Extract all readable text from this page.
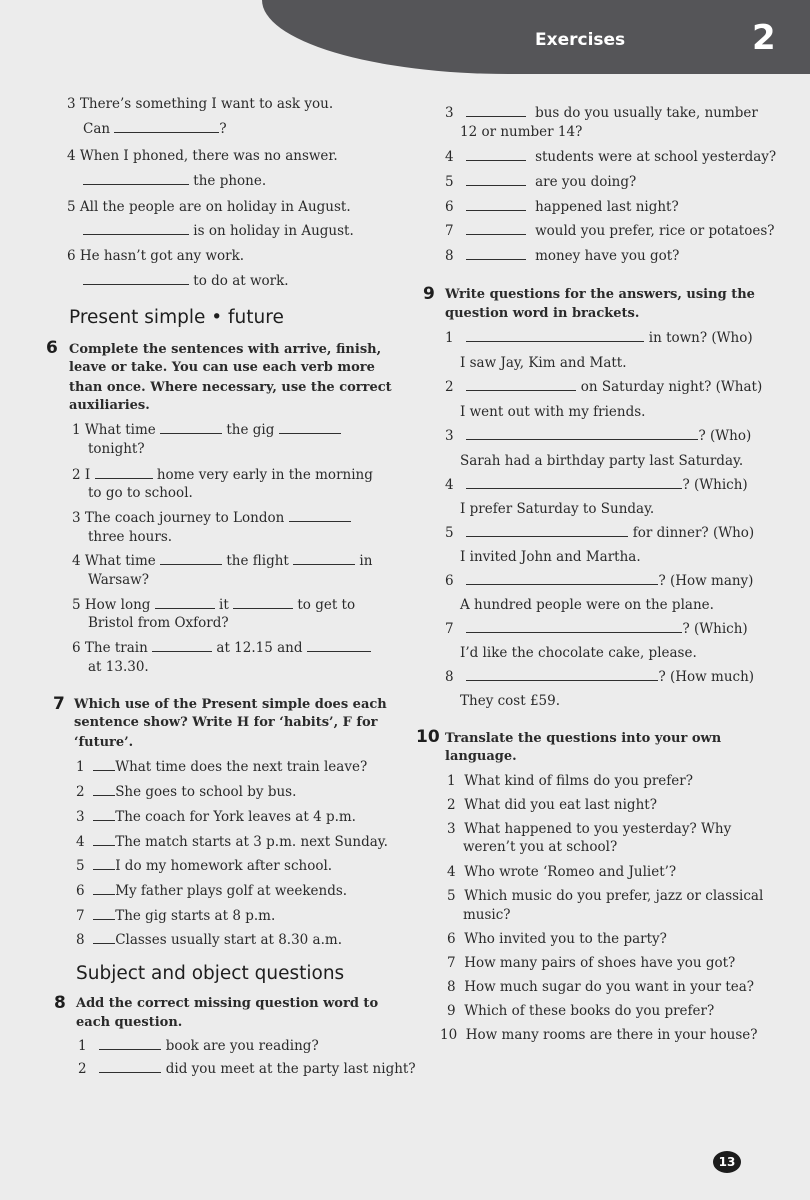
Exercises	2
3 There’s something I want to ask you.
Can	?
4 When I phoned, there was no answer.
the phone.
5 All the people are on holiday in August.
is on holiday in August.
6 He hasn’t got any work.
to do at work.
Present simple • future
6 Complete the sentences with arrive, finish,
leave or take. You can use each verb more
than once. Where necessary, use the correct
auxiliaries.
1 What time	the gig
tonight?
2 I	home very early in the morning
to go to school.
3 The coach journey to London
three hours.
4 What time	the flight	in
Warsaw?
5 How long	it	to get to
Bristol from Oxford?
6 The train	at 12.15 and
at 13.30.
7 Which use of the Present simple does each
sentence show? Write H for ‘habits’, F for
‘future’.
1 What time does the next train leave?
2 She goes to school by bus.
3 The coach for York leaves at 4 p.m.
4 The match starts at 3 p.m. next Sunday.
5 I do my homework after school.
6 My father plays golf at weekends.
7 The gig starts at 8 p.m.
8 Classes usually start at 8.30 a.m.
Subject and object questions
8 Add the correct missing question word to
each question.
1	book are you reading?
2	did you meet at the party last night?
3	bus do you usually take, number
12 or number 14?
4	students were at school yesterday?
5	are you doing?
6	happened last night?
7	would you prefer, rice or potatoes?
8	money have you got?
9 Write questions for the answers, using the
question word in brackets.
1	in town? (Who)
I saw Jay, Kim and Matt.
2	on Saturday night? (What)
I went out with my friends.
3	? (Who)
Sarah had a birthday party last Saturday.
4	? (Which)
I prefer Saturday to Sunday.
5	for dinner? (Who)
I invited John and Martha.
6	? (How many)
A hundred people were on the plane.
7	? (Which)
I’d like the chocolate cake, please.
8	? (How much)
They cost £59.
10 Translate the questions into your own
language.
1 What kind of films do you prefer?
2 What did you eat last night?
3 What happened to you yesterday? Why
weren’t you at school?
4 Who wrote ‘Romeo and Juliet’?
5 Which music do you prefer, jazz or classical
music?
6 Who invited you to the party?
7 How many pairs of shoes have you got?
8 How much sugar do you want in your tea?
9 Which of these books do you prefer?
10 How many rooms are there in your house?
13
